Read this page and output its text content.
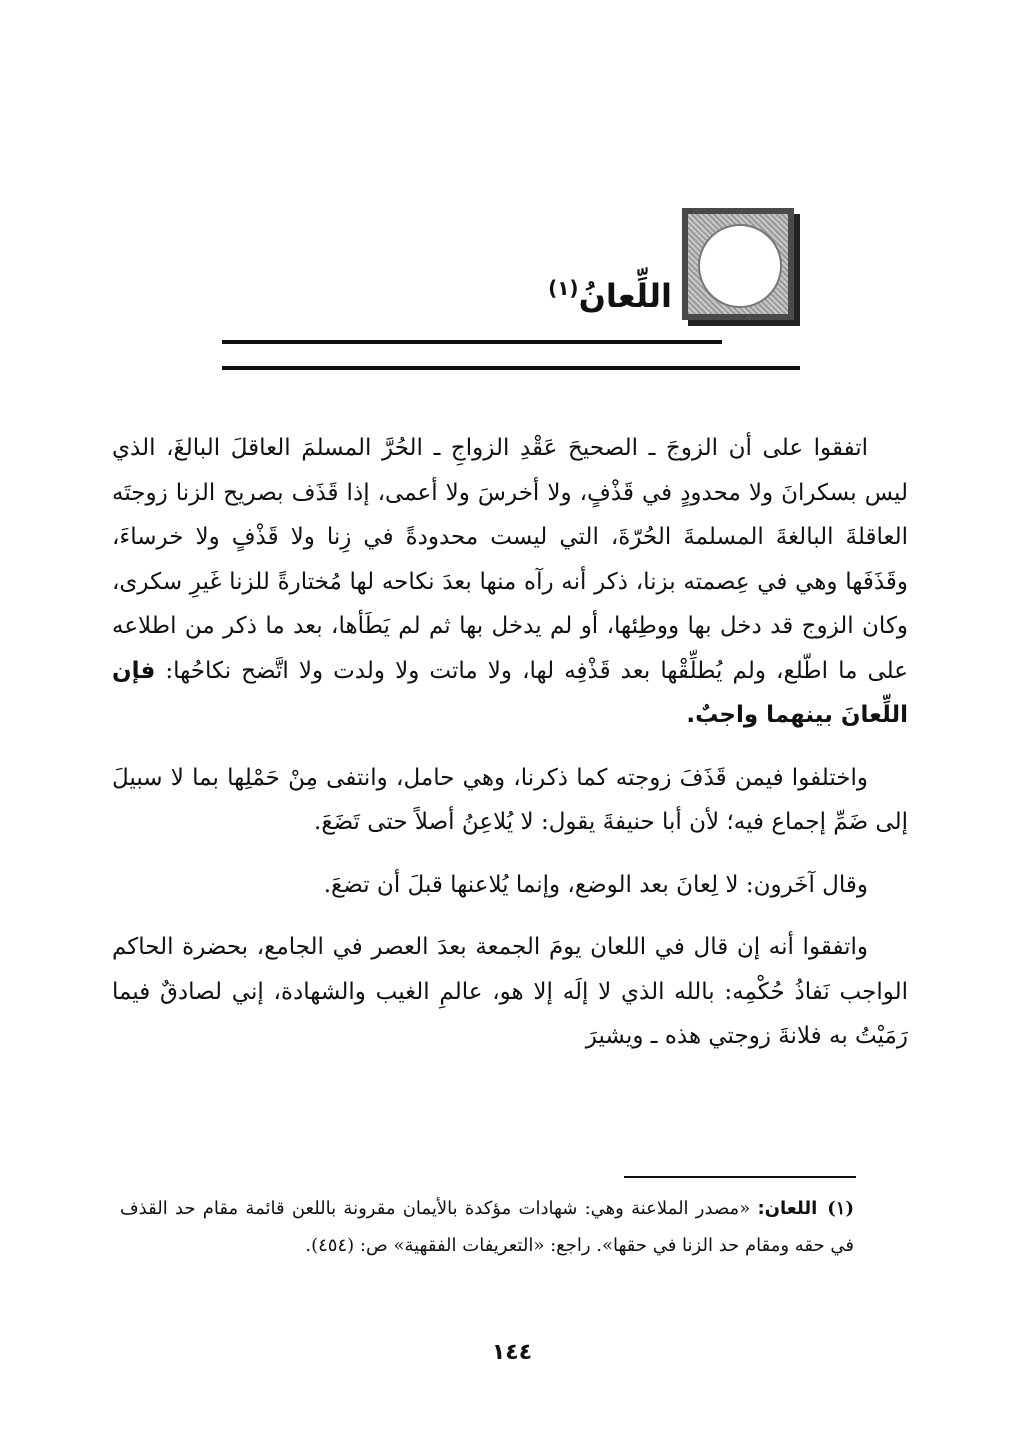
اللِّعانُ$^{(١)}$

اتفقوا على أن الزوجَ ـ الصحيحَ عَقْدِ الزواجِ ـ الحُرَّ المسلمَ العاقلَ البالغَ، الذي ليس بسكرانَ ولا محدودٍ في قَذْفٍ، ولا أخرسَ ولا أعمى، إذا قَذَف بصريح الزنا زوجتَه العاقلةَ البالغةَ المسلمةَ الحُرّةَ، التي ليست محدودةً في زِنا ولا قَذْفٍ ولا خرساءَ، وقَذَفَها وهي في عِصمته بزنا، ذكر أنه رآه منها بعدَ نكاحه لها مُختارةً للزنا غَيرِ سكرى، وكان الزوج قد دخل بها ووطِئها، أو لم يدخل بها ثم لم يَطَأها، بعد ما ذكر من اطلاعه على ما اطّلع، ولم يُطلِّقْها بعد قَذْفِه لها، ولا ماتت ولا ولدت ولا اتَّضح نكاحُها: فإن اللِّعانَ بينهما واجبٌ.

واختلفوا فيمن قَذَفَ زوجته كما ذكرنا، وهي حامل، وانتفى مِنْ حَمْلِها بما لا سبيلَ إلى ضَمِّ إجماع فيه؛ لأن أبا حنيفةَ يقول: لا يُلاعِنُ أصلاً حتى تَضَعَ.

وقال آخَرون: لا لِعانَ بعد الوضع، وإنما يُلاعنها قبلَ أن تضعَ.

واتفقوا أنه إن قال في اللعان يومَ الجمعة بعدَ العصر في الجامع، بحضرة الحاكم الواجب نَفاذُ حُكْمِه: بالله الذي لا إلَه إلا هو، عالمِ الغيب والشهادة، إني لصادقٌ فيما رَمَيْتُ به فلانةَ زوجتي هذه ـ ويشيرَ

(١)اللعان: «مصدر الملاعنة وهي: شهادات مؤكدة بالأيمان مقرونة باللعن قائمة مقام حد القذف في حقه ومقام حد الزنا في حقها». راجع: «التعريفات الفقهية» ص: (٤٥٤).
١٤٤
